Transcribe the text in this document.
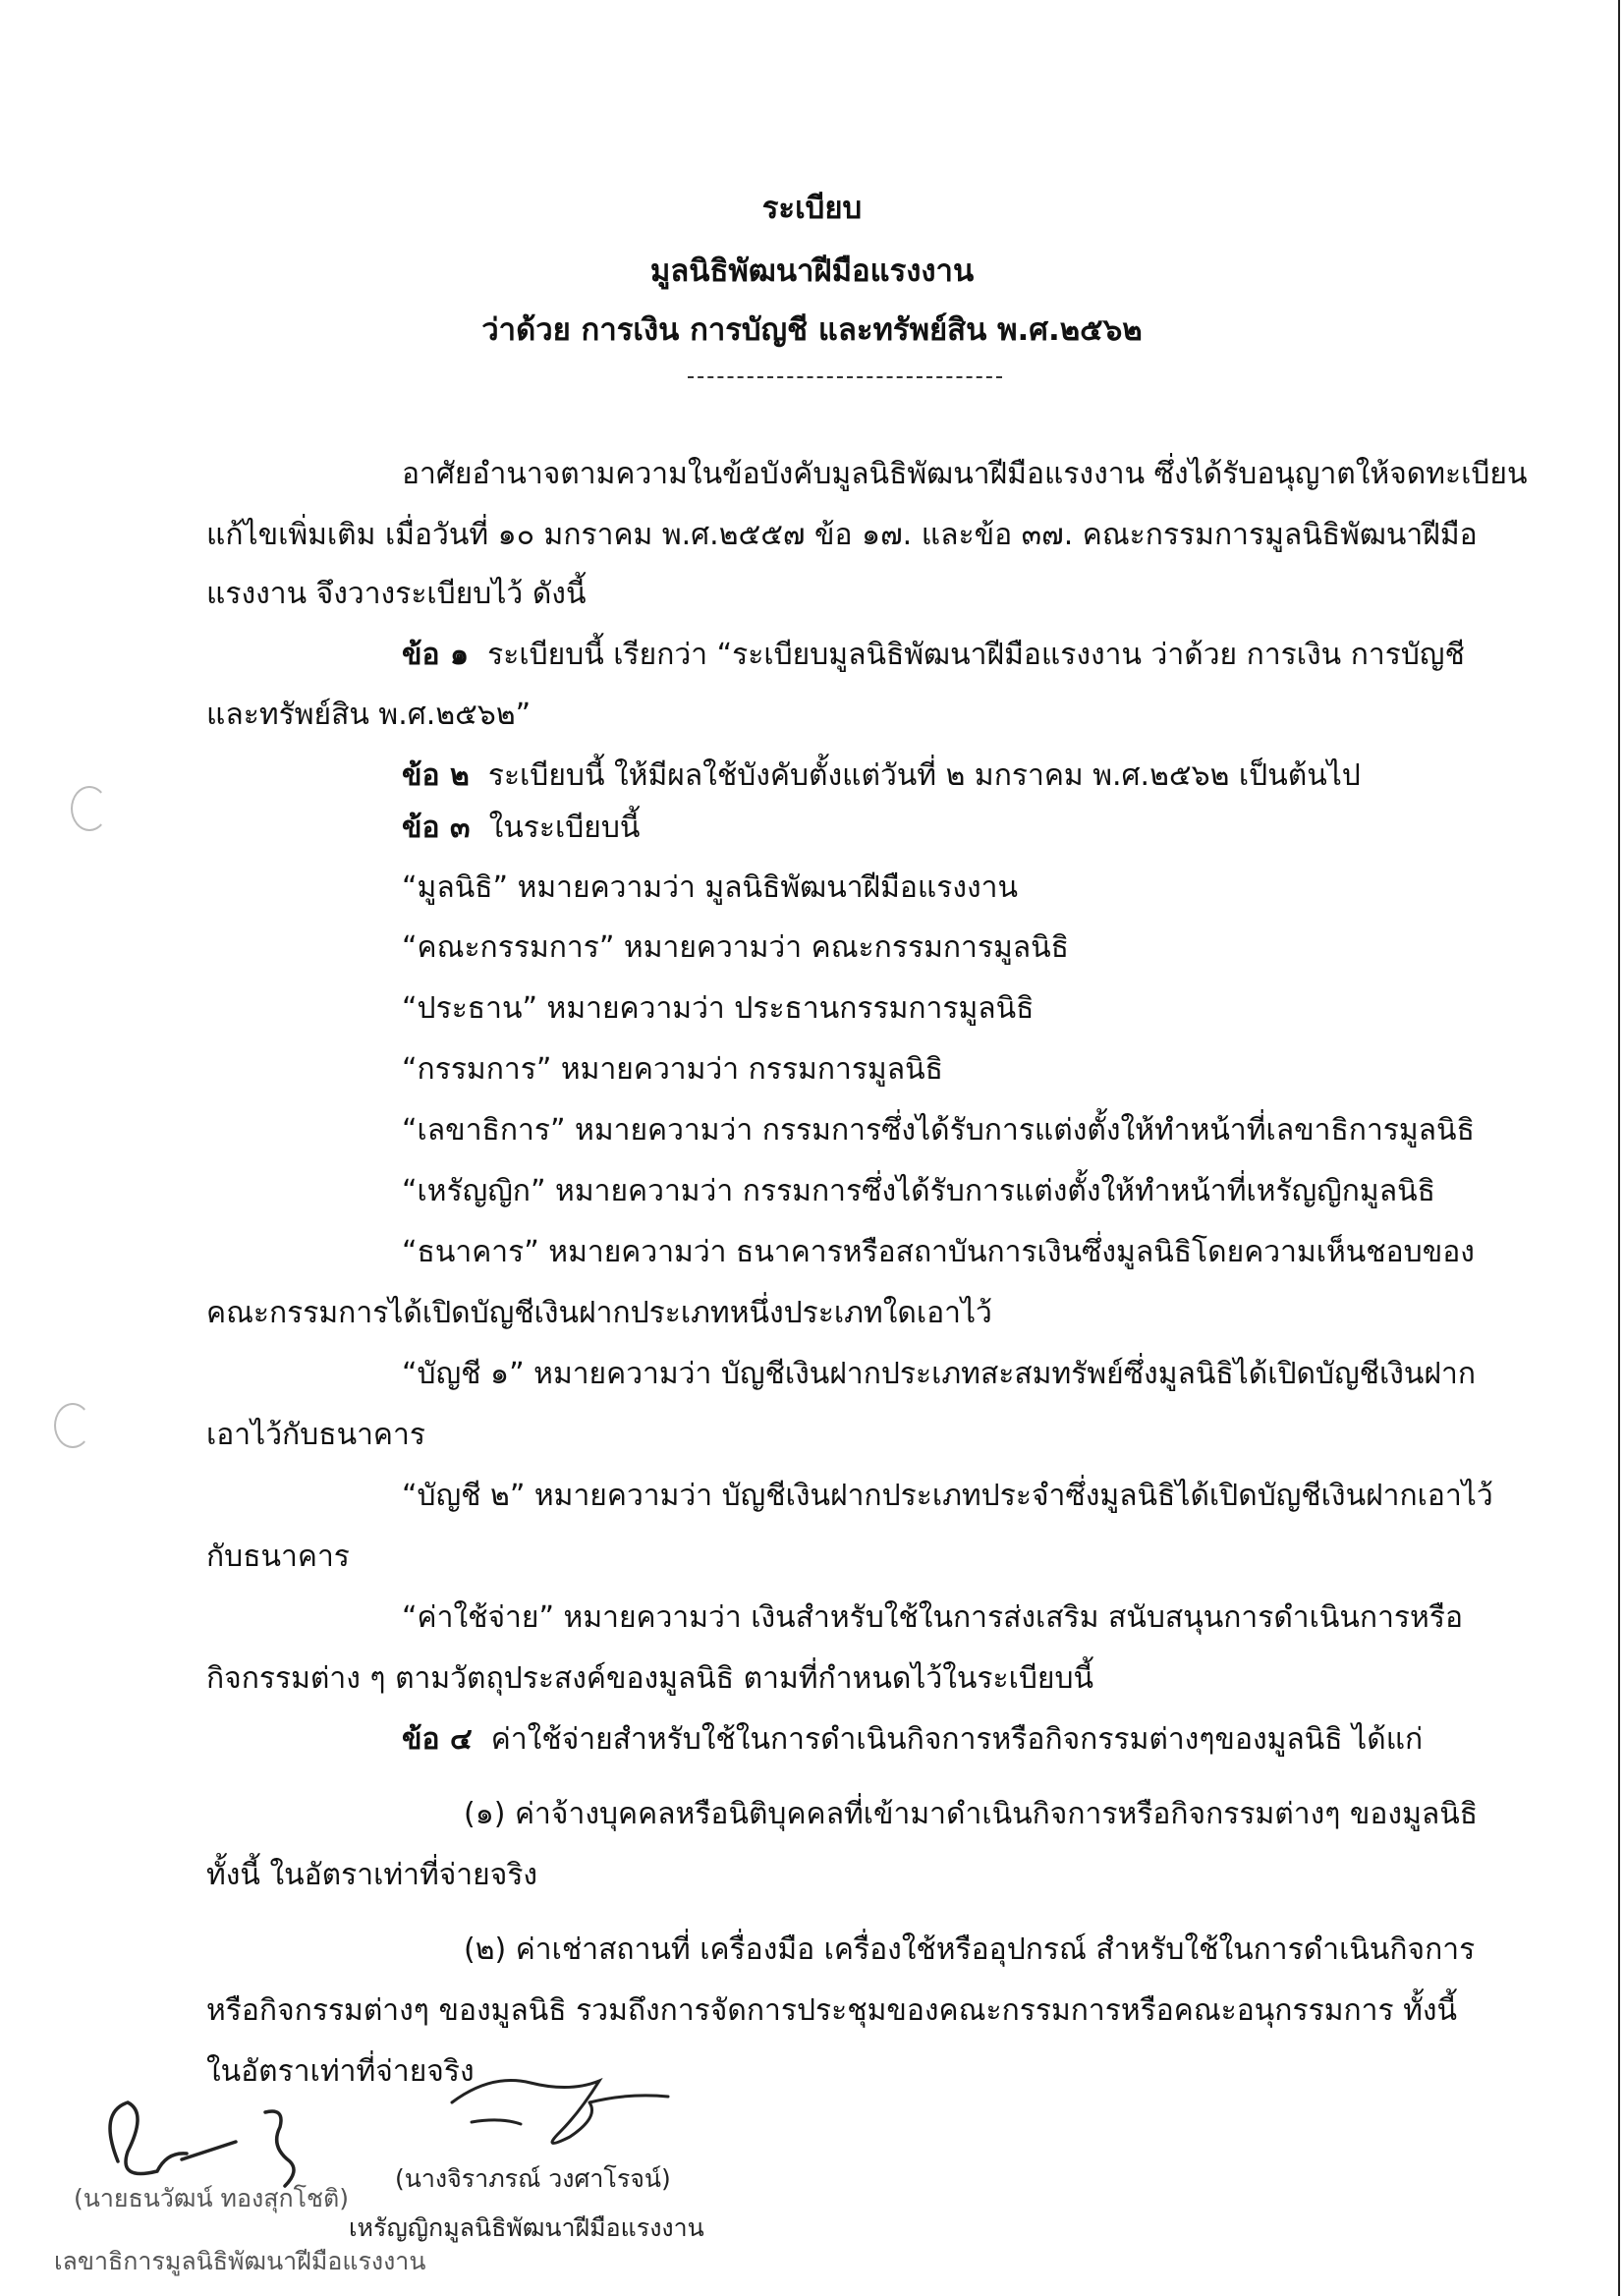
ระเบียบ
มูลนิธิพัฒนาฝีมือแรงงาน
ว่าด้วย การเงิน การบัญชี และทรัพย์สิน พ.ศ.๒๕๖๒
อาศัยอำนาจตามความในข้อบังคับมูลนิธิพัฒนาฝีมือแรงงาน ซึ่งได้รับอนุญาตให้จดทะเบียน
แก้ไขเพิ่มเติม เมื่อวันที่ ๑๐ มกราคม พ.ศ.๒๕๕๗ ข้อ ๑๗. และข้อ ๓๗. คณะกรรมการมูลนิธิพัฒนาฝีมือ
แรงงาน จึงวางระเบียบไว้ ดังนี้
ข้อ ๑ ระเบียบนี้ เรียกว่า “ระเบียบมูลนิธิพัฒนาฝีมือแรงงาน ว่าด้วย การเงิน การบัญชี
และทรัพย์สิน พ.ศ.๒๕๖๒”
ข้อ ๒ ระเบียบนี้ ให้มีผลใช้บังคับตั้งแต่วันที่ ๒ มกราคม พ.ศ.๒๕๖๒ เป็นต้นไป
ข้อ ๓ ในระเบียบนี้
“มูลนิธิ” หมายความว่า มูลนิธิพัฒนาฝีมือแรงงาน
“คณะกรรมการ” หมายความว่า คณะกรรมการมูลนิธิ
“ประธาน” หมายความว่า ประธานกรรมการมูลนิธิ
“กรรมการ” หมายความว่า กรรมการมูลนิธิ
“เลขาธิการ” หมายความว่า กรรมการซึ่งได้รับการแต่งตั้งให้ทำหน้าที่เลขาธิการมูลนิธิ
“เหรัญญิก” หมายความว่า กรรมการซึ่งได้รับการแต่งตั้งให้ทำหน้าที่เหรัญญิกมูลนิธิ
“ธนาคาร” หมายความว่า ธนาคารหรือสถาบันการเงินซึ่งมูลนิธิโดยความเห็นชอบของ
คณะกรรมการได้เปิดบัญชีเงินฝากประเภทหนึ่งประเภทใดเอาไว้
“บัญชี ๑” หมายความว่า บัญชีเงินฝากประเภทสะสมทรัพย์ซึ่งมูลนิธิได้เปิดบัญชีเงินฝาก
เอาไว้กับธนาคาร
“บัญชี ๒” หมายความว่า บัญชีเงินฝากประเภทประจำซึ่งมูลนิธิได้เปิดบัญชีเงินฝากเอาไว้
กับธนาคาร
“ค่าใช้จ่าย” หมายความว่า เงินสำหรับใช้ในการส่งเสริม สนับสนุนการดำเนินการหรือ
กิจกรรมต่าง ๆ ตามวัตถุประสงค์ของมูลนิธิ ตามที่กำหนดไว้ในระเบียบนี้
ข้อ ๔ ค่าใช้จ่ายสำหรับใช้ในการดำเนินกิจการหรือกิจกรรมต่างๆของมูลนิธิ ได้แก่
(๑) ค่าจ้างบุคคลหรือนิติบุคคลที่เข้ามาดำเนินกิจการหรือกิจกรรมต่างๆ ของมูลนิธิ
ทั้งนี้ ในอัตราเท่าที่จ่ายจริง
(๒) ค่าเช่าสถานที่ เครื่องมือ เครื่องใช้หรืออุปกรณ์ สำหรับใช้ในการดำเนินกิจการ
หรือกิจกรรมต่างๆ ของมูลนิธิ รวมถึงการจัดการประชุมของคณะกรรมการหรือคณะอนุกรรมการ ทั้งนี้
ในอัตราเท่าที่จ่ายจริง
(นางจิราภรณ์ วงศาโรจน์)
(นายธนวัฒน์ ทองสุกโชติ)
เหรัญญิกมูลนิธิพัฒนาฝีมือแรงงาน
เลขาธิการมูลนิธิพัฒนาฝีมือแรงงาน
